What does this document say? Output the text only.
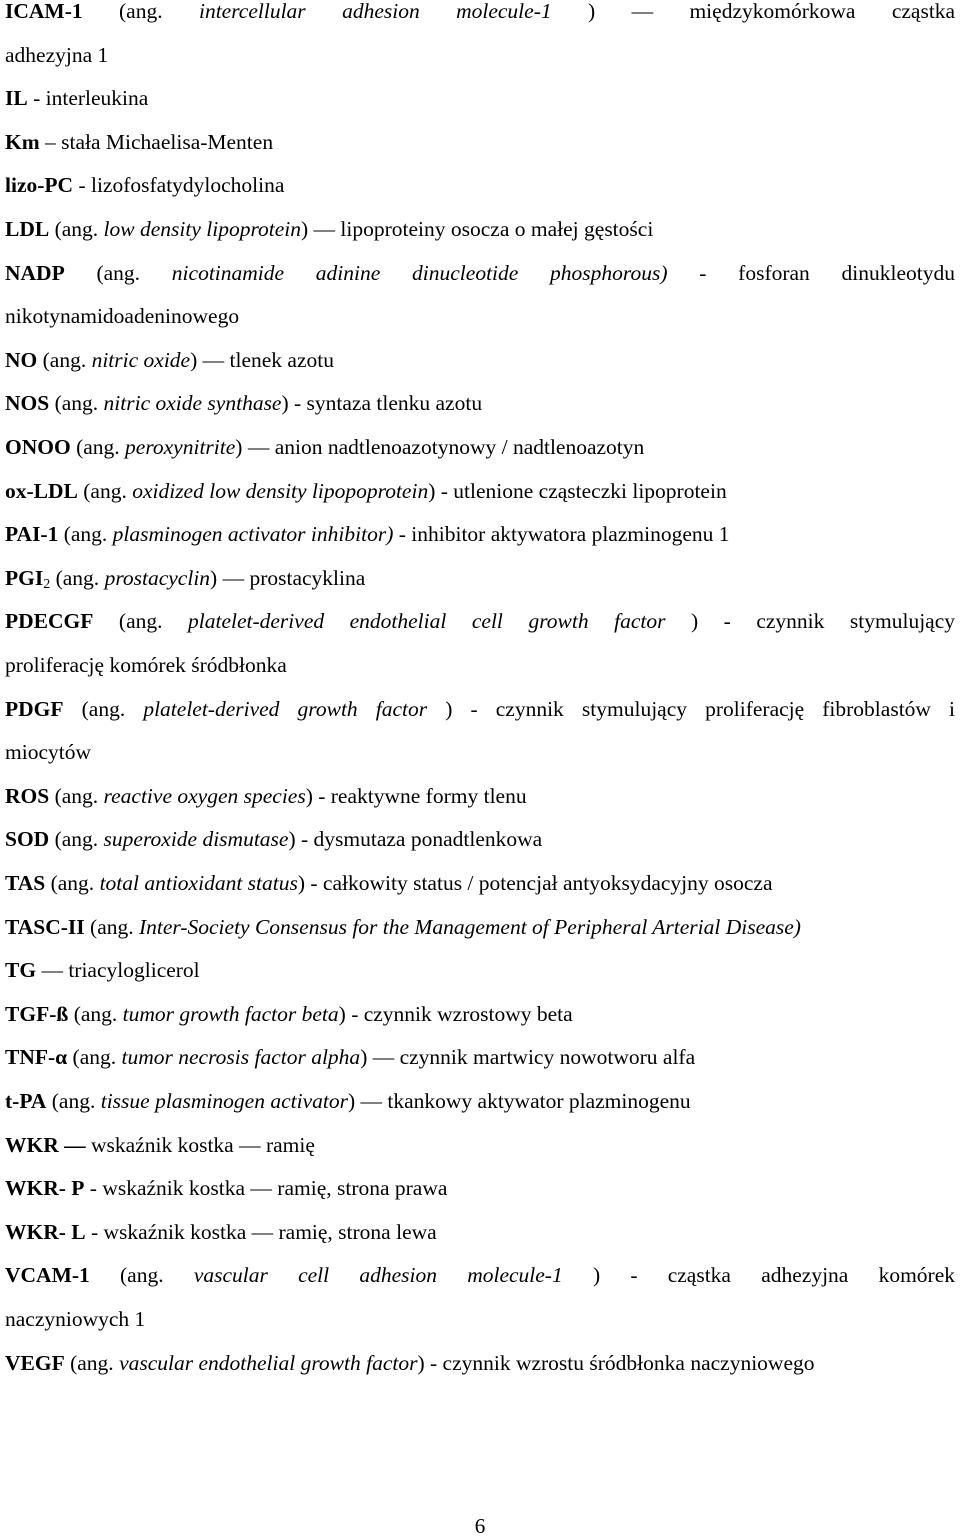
ICAM-1 (ang. intercellular adhesion molecule-1 ) — międzykomórkowa cząstka
adhezyjna 1
IL - interleukina
Km – stała Michaelisa-Menten
lizo-PC - lizofosfatydylocholina
LDL (ang. low density lipoprotein) — lipoproteiny osocza o małej gęstości
NADP (ang. nicotinamide adinine dinucleotide phosphorous) - fosforan dinukleotydu
nikotynamidoadeninowego
NO (ang. nitric oxide) — tlenek azotu
NOS (ang. nitric oxide synthase) - syntaza tlenku azotu
ONOO (ang. peroxynitrite) — anion nadtlenoazotynowy / nadtlenoazotyn
ox-LDL (ang. oxidized low density lipopoprotein) - utlenione cząsteczki lipoprotein
PAI-1 (ang. plasminogen activator inhibitor) - inhibitor aktywatora plazminogenu 1
$PGI_2$ (ang. prostacyclin) — prostacyklina
PDECGF (ang. platelet-derived endothelial cell growth factor ) - czynnik stymulujący
proliferację komórek śródbłonka
PDGF (ang. platelet-derived growth factor ) - czynnik stymulujący proliferację fibroblastów i
miocytów
ROS (ang. reactive oxygen species) - reaktywne formy tlenu
SOD (ang. superoxide dismutase) - dysmutaza ponadtlenkowa
TAS (ang. total antioxidant status) - całkowity status / potencjał antyoksydacyjny osocza
TASC-II (ang. Inter-Society Consensus for the Management of Peripheral Arterial Disease)
TG — triacyloglicerol
TGF-ß (ang. tumor growth factor beta) - czynnik wzrostowy beta
TNF-α (ang. tumor necrosis factor alpha) — czynnik martwicy nowotworu alfa
t-PA (ang. tissue plasminogen activator) — tkankowy aktywator plazminogenu
WKR — wskaźnik kostka — ramię
WKR- P - wskaźnik kostka — ramię, strona prawa
WKR- L - wskaźnik kostka — ramię, strona lewa
VCAM-1 (ang. vascular cell adhesion molecule-1 ) - cząstka adhezyjna komórek
naczyniowych 1
VEGF (ang. vascular endothelial growth factor) - czynnik wzrostu śródbłonka naczyniowego
6
